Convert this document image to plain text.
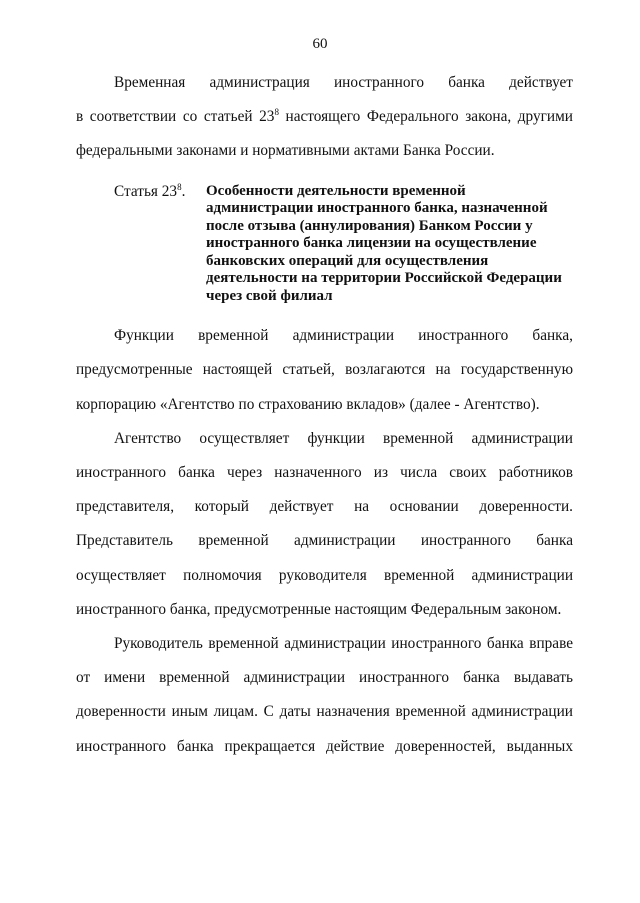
60

Временная администрация иностранного банка действует
в соответствии со статьей $23^8$ настоящего Федерального закона, другими
федеральными законами и нормативными актами Банка России.

Статья $23^8$.	Особенности деятельности временной администрации иностранного банка, назначенной после отзыва (аннулирования) Банком России у иностранного банка лицензии на осуществление банковских операций для осуществления деятельности на территории Российской Федерации через свой филиал

Функции временной администрации иностранного банка,
предусмотренные настоящей статьей, возлагаются на государственную
корпорацию «Агентство по страхованию вкладов» (далее - Агентство).

Агентство осуществляет функции временной администрации
иностранного банка через назначенного из числа своих работников
представителя, который действует на основании доверенности.
Представитель временной администрации иностранного банка
осуществляет полномочия руководителя временной администрации
иностранного банка, предусмотренные настоящим Федеральным законом.

Руководитель временной администрации иностранного банка вправе
от имени временной администрации иностранного банка выдавать
доверенности иным лицам. С даты назначения временной администрации
иностранного банка прекращается действие доверенностей, выданных
